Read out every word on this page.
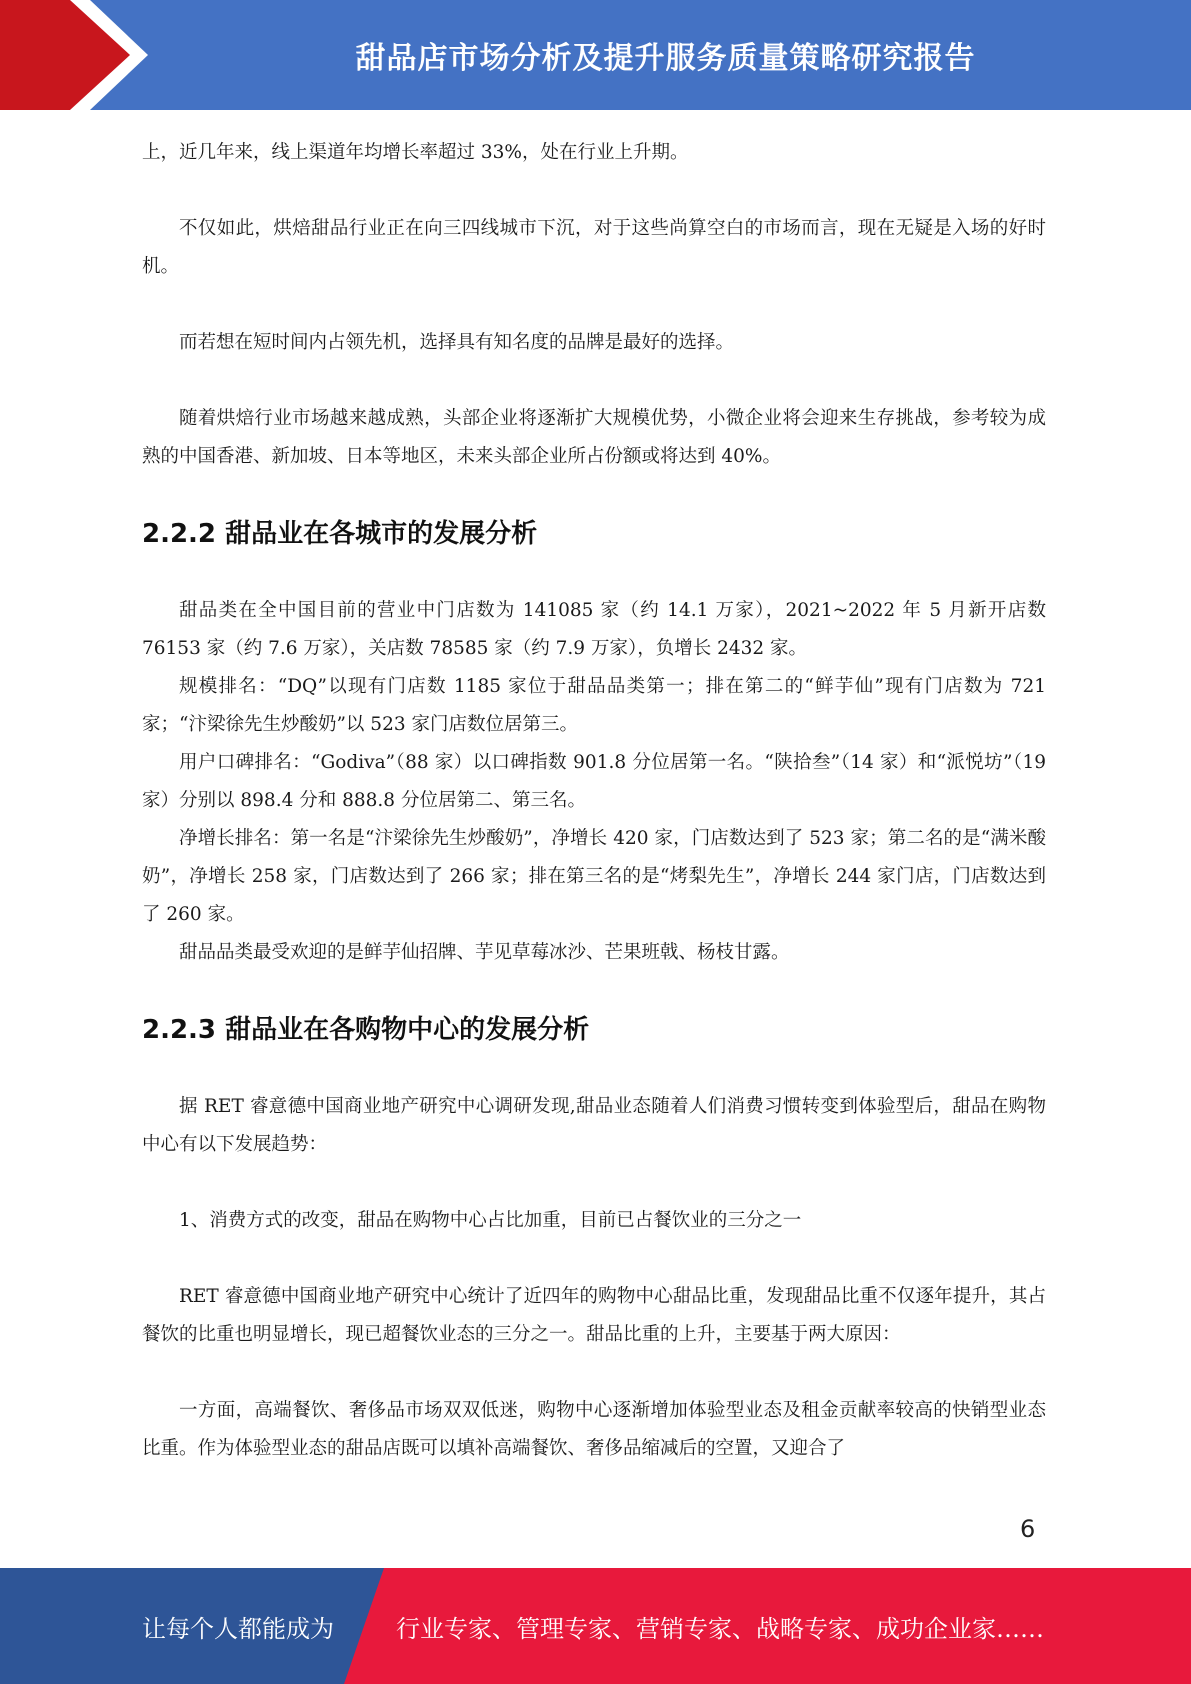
甜品店市场分析及提升服务质量策略研究报告

上，近几年来，线上渠道年均增长率超过 33%，处在行业上升期。

不仅如此，烘焙甜品行业正在向三四线城市下沉，对于这些尚算空白的市场而言，现在无疑是入场的好时机。

而若想在短时间内占领先机，选择具有知名度的品牌是最好的选择。

随着烘焙行业市场越来越成熟，头部企业将逐渐扩大规模优势，小微企业将会迎来生存挑战，参考较为成熟的中国香港、新加坡、日本等地区，未来头部企业所占份额或将达到 40%。

2.2.2 甜品业在各城市的发展分析

甜品类在全中国目前的营业中门店数为 141085 家（约 14.1 万家），2021~2022 年 5 月新开店数 76153 家（约 7.6 万家），关店数 78585 家（约 7.9 万家），负增长 2432 家。

规模排名：“DQ”以现有门店数 1185 家位于甜品品类第一；排在第二的“鲜芋仙”现有门店数为 721 家；“汴梁徐先生炒酸奶”以 523 家门店数位居第三。

用户口碑排名：“Godiva”（88 家）以口碑指数 901.8 分位居第一名。“陕拾叁”（14 家）和“派悦坊”（19 家）分别以 898.4 分和 888.8 分位居第二、第三名。

净增长排名：第一名是“汴梁徐先生炒酸奶”，净增长 420 家，门店数达到了 523 家；第二名的是“满米酸奶”，净增长 258 家，门店数达到了 266 家；排在第三名的是“烤梨先生”，净增长 244 家门店，门店数达到了 260 家。

甜品品类最受欢迎的是鲜芋仙招牌、芋见草莓冰沙、芒果班戟、杨枝甘露。

2.2.3 甜品业在各购物中心的发展分析

据 RET 睿意德中国商业地产研究中心调研发现,甜品业态随着人们消费习惯转变到体验型后，甜品在购物中心有以下发展趋势：

1、消费方式的改变，甜品在购物中心占比加重，目前已占餐饮业的三分之一

RET 睿意德中国商业地产研究中心统计了近四年的购物中心甜品比重，发现甜品比重不仅逐年提升，其占餐饮的比重也明显增长，现已超餐饮业态的三分之一。甜品比重的上升，主要基于两大原因：

一方面，高端餐饮、奢侈品市场双双低迷，购物中心逐渐增加体验型业态及租金贡献率较高的快销型业态比重。作为体验型业态的甜品店既可以填补高端餐饮、奢侈品缩减后的空置，又迎合了

6
让每个人都能成为	行业专家、管理专家、营销专家、战略专家、成功企业家……
